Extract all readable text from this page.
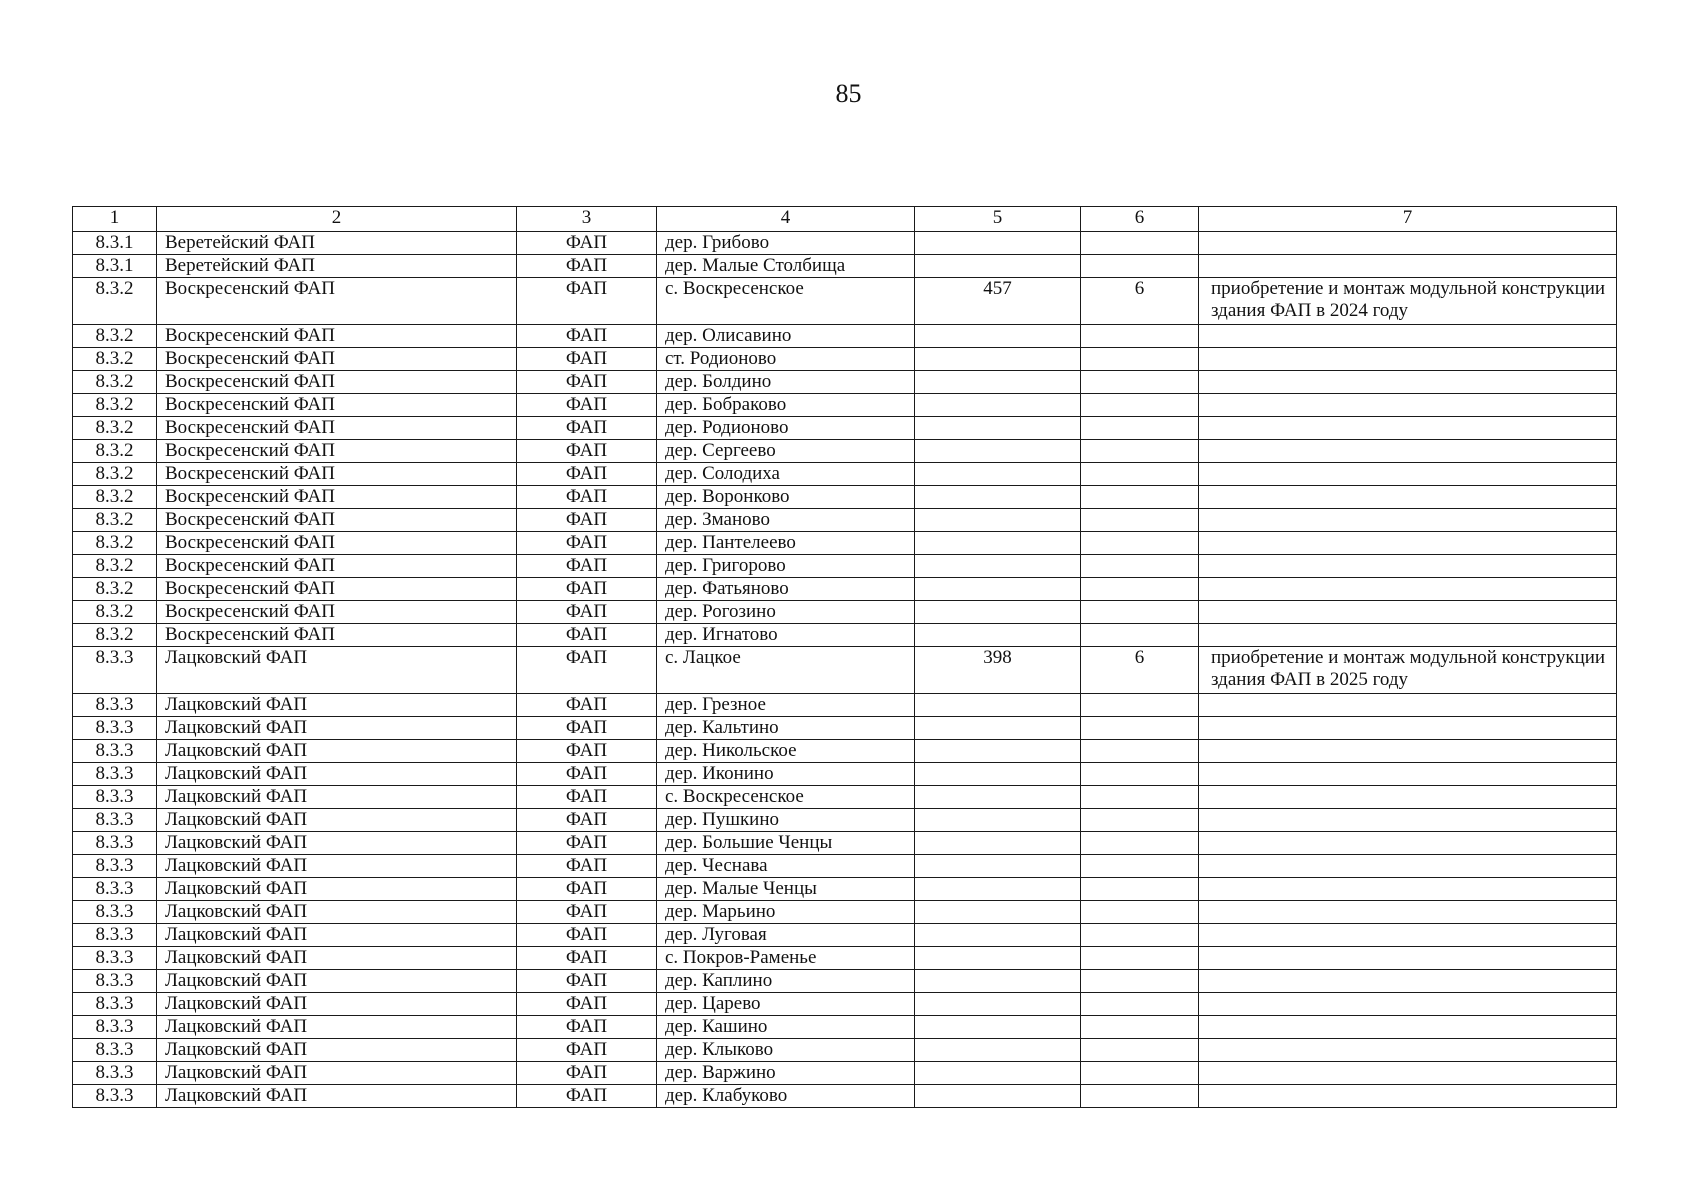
85
1	2	3	4	5	6	7
8.3.1	Веретейский ФАП	ФАП	дер. Грибово			
8.3.1	Веретейский ФАП	ФАП	дер. Малые Столбища			
8.3.2	Воскресенский ФАП	ФАП	с. Воскресенское	457	6	приобретение и монтаж модульной конструкции здания ФАП в 2024 году
8.3.2	Воскресенский ФАП	ФАП	дер. Олисавино			
8.3.2	Воскресенский ФАП	ФАП	ст. Родионово			
8.3.2	Воскресенский ФАП	ФАП	дер. Болдино			
8.3.2	Воскресенский ФАП	ФАП	дер. Бобраково			
8.3.2	Воскресенский ФАП	ФАП	дер. Родионово			
8.3.2	Воскресенский ФАП	ФАП	дер. Сергеево			
8.3.2	Воскресенский ФАП	ФАП	дер. Солодиха			
8.3.2	Воскресенский ФАП	ФАП	дер. Воронково			
8.3.2	Воскресенский ФАП	ФАП	дер. Зманово			
8.3.2	Воскресенский ФАП	ФАП	дер. Пантелеево			
8.3.2	Воскресенский ФАП	ФАП	дер. Григорово			
8.3.2	Воскресенский ФАП	ФАП	дер. Фатьяново			
8.3.2	Воскресенский ФАП	ФАП	дер. Рогозино			
8.3.2	Воскресенский ФАП	ФАП	дер. Игнатово			
8.3.3	Лацковский ФАП	ФАП	с. Лацкое	398	6	приобретение и монтаж модульной конструкции здания ФАП в 2025 году
8.3.3	Лацковский ФАП	ФАП	дер. Грезное			
8.3.3	Лацковский ФАП	ФАП	дер. Кальтино			
8.3.3	Лацковский ФАП	ФАП	дер. Никольское			
8.3.3	Лацковский ФАП	ФАП	дер. Иконино			
8.3.3	Лацковский ФАП	ФАП	с. Воскресенское			
8.3.3	Лацковский ФАП	ФАП	дер. Пушкино			
8.3.3	Лацковский ФАП	ФАП	дер. Большие Ченцы			
8.3.3	Лацковский ФАП	ФАП	дер. Чеснава			
8.3.3	Лацковский ФАП	ФАП	дер. Малые Ченцы			
8.3.3	Лацковский ФАП	ФАП	дер. Марьино			
8.3.3	Лацковский ФАП	ФАП	дер. Луговая			
8.3.3	Лацковский ФАП	ФАП	с. Покров-Раменье			
8.3.3	Лацковский ФАП	ФАП	дер. Каплино			
8.3.3	Лацковский ФАП	ФАП	дер. Царево			
8.3.3	Лацковский ФАП	ФАП	дер. Кашино			
8.3.3	Лацковский ФАП	ФАП	дер. Клыково			
8.3.3	Лацковский ФАП	ФАП	дер. Варжино			
8.3.3	Лацковский ФАП	ФАП	дер. Клабуково			
